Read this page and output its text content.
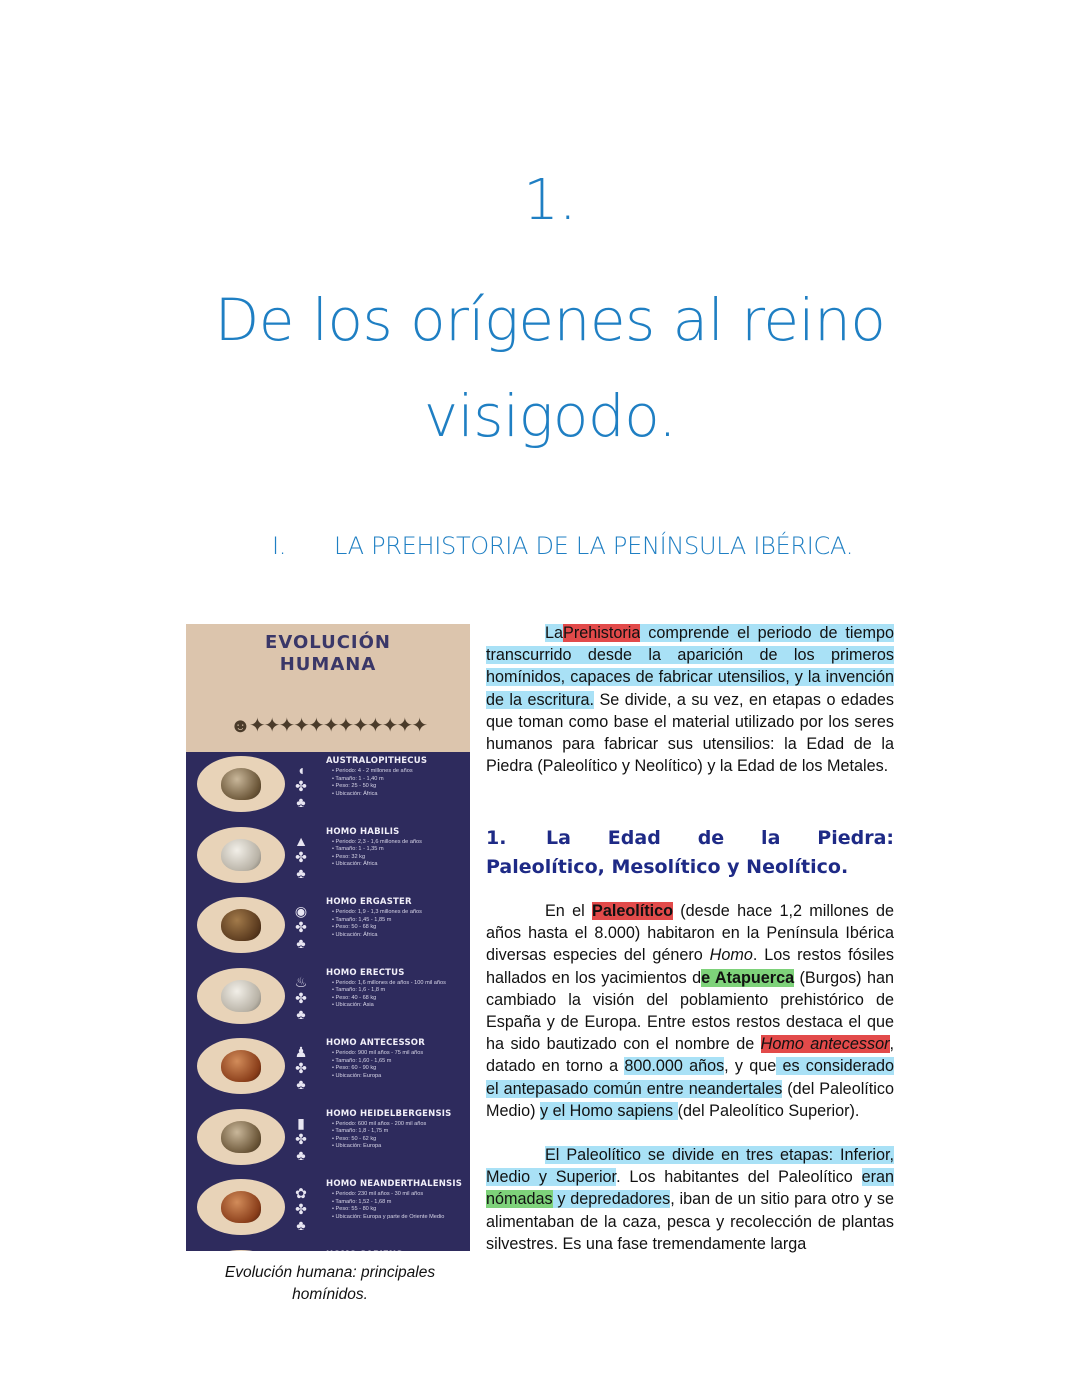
1.
De los orígenes al reino visigodo.
I. LA PREHISTORIA DE LA PENÍNSULA IBÉRICA.
EVOLUCIÓN
HUMANA
☻✦✦✦✦✦✦✦✦✦✦✦✦
◖
✤
♣
AUSTRALOPITHECUS
• Periodo: 4 - 2 millones de años
• Tamaño: 1 - 1,40 m
• Peso: 25 - 50 kg
• Ubicación: África
▲
✤
♣
HOMO HABILIS
• Periodo: 2,3 - 1,6 millones de años
• Tamaño: 1 - 1,35 m
• Peso: 32 kg
• Ubicación: África
◉
✤
♣
HOMO ERGASTER
• Periodo: 1,9 - 1,3 millones de años
• Tamaño: 1,45 - 1,85 m
• Peso: 50 - 68 kg
• Ubicación: África
♨
✤
♣
HOMO ERECTUS
• Periodo: 1,6 millones de años - 100 mil años
• Tamaño: 1,6 - 1,8 m
• Peso: 40 - 68 kg
• Ubicación: Asia
♟
✤
♣
HOMO ANTECESSOR
• Periodo: 900 mil años - 75 mil años
• Tamaño: 1,60 - 1,65 m
• Peso: 60 - 90 kg
• Ubicación: Europa
▮
✤
♣
HOMO HEIDELBERGENSIS
• Periodo: 600 mil años - 200 mil años
• Tamaño: 1,8 - 1,75 m
• Peso: 50 - 62 kg
• Ubicación: Europa
✿
✤
♣
HOMO NEANDERTHALENSIS
• Periodo: 230 mil años - 30 mil años
• Tamaño: 1,52 - 1,68 m
• Peso: 55 - 80 kg
• Ubicación: Europa y parte de Oriente Medio

Evolución humana: principales homínidos.
LaPrehistoria comprende el periodo de tiempo transcurrido desde la aparición de los primeros homínidos, capaces de fabricar utensilios, y la invención de la escritura. Se divide, a su vez, en etapas o edades que toman como base el material utilizado por los seres humanos para fabricar sus utensilios: la Edad de la Piedra (Paleolítico y Neolítico) y la Edad de los Metales.
1. La Edad de la Piedra: Paleolítico, Mesolítico y Neolítico.
En el Paleolítico (desde hace 1,2 millones de años hasta el 8.000) habitaron en la Península Ibérica diversas especies del género Homo. Los restos fósiles hallados en los yacimientos de Atapuerca (Burgos) han cambiado la visión del poblamiento prehistórico de España y de Europa. Entre estos restos destaca el que ha sido bautizado con el nombre de Homo antecessor, datado en torno a 800.000 años, y que es considerado el antepasado común entre neandertales (del Paleolítico Medio) y el Homo sapiens (del Paleolítico Superior).
El Paleolítico se divide en tres etapas: Inferior, Medio y Superior. Los habitantes del Paleolítico eran nómadas y depredadores, iban de un sitio para otro y se alimentaban de la caza, pesca y recolección de plantas silvestres. Es una fase tremendamente larga
